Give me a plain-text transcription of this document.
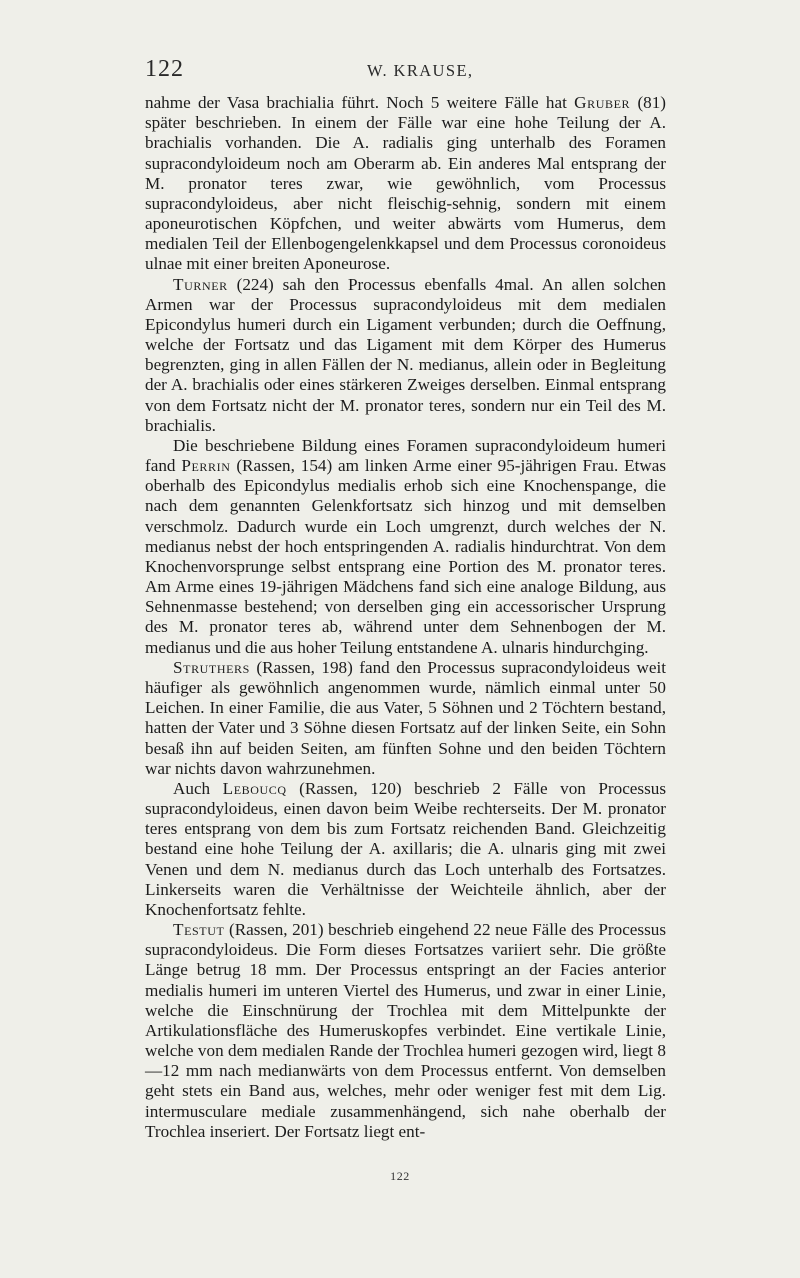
122	W. KRAUSE,

nahme der Vasa brachialia führt. Noch 5 weitere Fälle hat Gruber (81) später beschrieben. In einem der Fälle war eine hohe Teilung der A. brachialis vorhanden. Die A. radialis ging unterhalb des Foramen supracondyloideum noch am Oberarm ab. Ein anderes Mal entsprang der M. pronator teres zwar, wie gewöhnlich, vom Processus supracondyloideus, aber nicht fleischig-sehnig, sondern mit einem aponeurotischen Köpfchen, und weiter abwärts vom Humerus, dem medialen Teil der Ellenbogengelenkkapsel und dem Processus coronoideus ulnae mit einer breiten Aponeurose.

Turner (224) sah den Processus ebenfalls 4mal. An allen solchen Armen war der Processus supracondyloideus mit dem medialen Epicondylus humeri durch ein Ligament verbunden; durch die Oeffnung, welche der Fortsatz und das Ligament mit dem Körper des Humerus begrenzten, ging in allen Fällen der N. medianus, allein oder in Begleitung der A. brachialis oder eines stärkeren Zweiges derselben. Einmal entsprang von dem Fortsatz nicht der M. pronator teres, sondern nur ein Teil des M. brachialis.

Die beschriebene Bildung eines Foramen supracondyloideum humeri fand Perrin (Rassen, 154) am linken Arme einer 95-jährigen Frau. Etwas oberhalb des Epicondylus medialis erhob sich eine Knochenspange, die nach dem genannten Gelenkfortsatz sich hinzog und mit demselben verschmolz. Dadurch wurde ein Loch umgrenzt, durch welches der N. medianus nebst der hoch entspringenden A. radialis hindurchtrat. Von dem Knochenvorsprunge selbst entsprang eine Portion des M. pronator teres. Am Arme eines 19-jährigen Mädchens fand sich eine analoge Bildung, aus Sehnenmasse bestehend; von derselben ging ein accessorischer Ursprung des M. pronator teres ab, während unter dem Sehnenbogen der M. medianus und die aus hoher Teilung entstandene A. ulnaris hindurchging.

Struthers (Rassen, 198) fand den Processus supracondyloideus weit häufiger als gewöhnlich angenommen wurde, nämlich einmal unter 50 Leichen. In einer Familie, die aus Vater, 5 Söhnen und 2 Töchtern bestand, hatten der Vater und 3 Söhne diesen Fortsatz auf der linken Seite, ein Sohn besaß ihn auf beiden Seiten, am fünften Sohne und den beiden Töchtern war nichts davon wahrzunehmen.

Auch Leboucq (Rassen, 120) beschrieb 2 Fälle von Processus supracondyloideus, einen davon beim Weibe rechterseits. Der M. pronator teres entsprang von dem bis zum Fortsatz reichenden Band. Gleichzeitig bestand eine hohe Teilung der A. axillaris; die A. ulnaris ging mit zwei Venen und dem N. medianus durch das Loch unterhalb des Fortsatzes. Linkerseits waren die Verhältnisse der Weichteile ähnlich, aber der Knochenfortsatz fehlte.

Testut (Rassen, 201) beschrieb eingehend 22 neue Fälle des Processus supracondyloideus. Die Form dieses Fortsatzes variiert sehr. Die größte Länge betrug 18 mm. Der Processus entspringt an der Facies anterior medialis humeri im unteren Viertel des Humerus, und zwar in einer Linie, welche die Einschnürung der Trochlea mit dem Mittelpunkte der Artikulationsfläche des Humeruskopfes verbindet. Eine vertikale Linie, welche von dem medialen Rande der Trochlea humeri gezogen wird, liegt 8—12 mm nach medianwärts von dem Processus entfernt. Von demselben geht stets ein Band aus, welches, mehr oder weniger fest mit dem Lig. intermusculare mediale zusammenhängend, sich nahe oberhalb der Trochlea inseriert. Der Fortsatz liegt ent-

122
